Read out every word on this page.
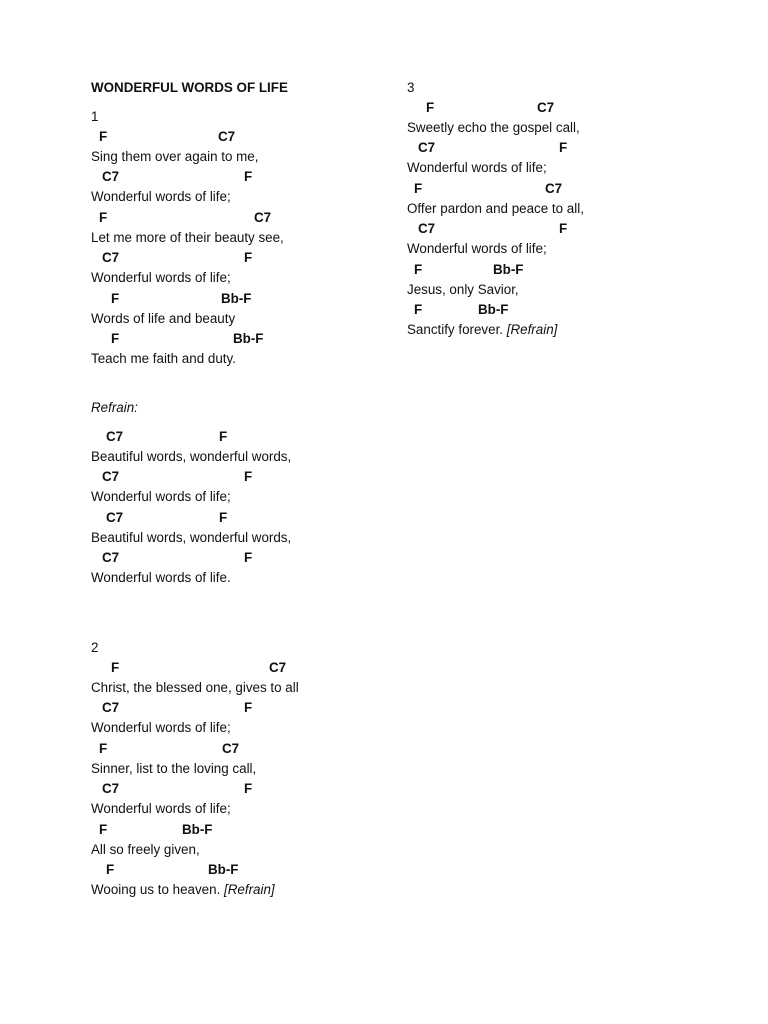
WONDERFUL WORDS OF LIFE
1
F	C7
Sing them over again to me,
C7	F
Wonderful words of life;
F	C7
Let me more of their beauty see,
C7	F
Wonderful words of life;
F	Bb-F
Words of life and beauty
F	Bb-F
Teach me faith and duty.
Refrain:
C7	F
Beautiful words, wonderful words,
C7	F
Wonderful words of life;
C7	F
Beautiful words, wonderful words,
C7	F
Wonderful words of life.
2
F	C7
Christ, the blessed one, gives to all
C7	F
Wonderful words of life;
F	C7
Sinner, list to the loving call,
C7	F
Wonderful words of life;
F	Bb-F
All so freely given,
F	Bb-F
Wooing us to heaven. [Refrain]
3
F	C7
Sweetly echo the gospel call,
C7	F
Wonderful words of life;
F	C7
Offer pardon and peace to all,
C7	F
Wonderful words of life;
F	Bb-F
Jesus, only Savior,
F	Bb-F
Sanctify forever. [Refrain]
